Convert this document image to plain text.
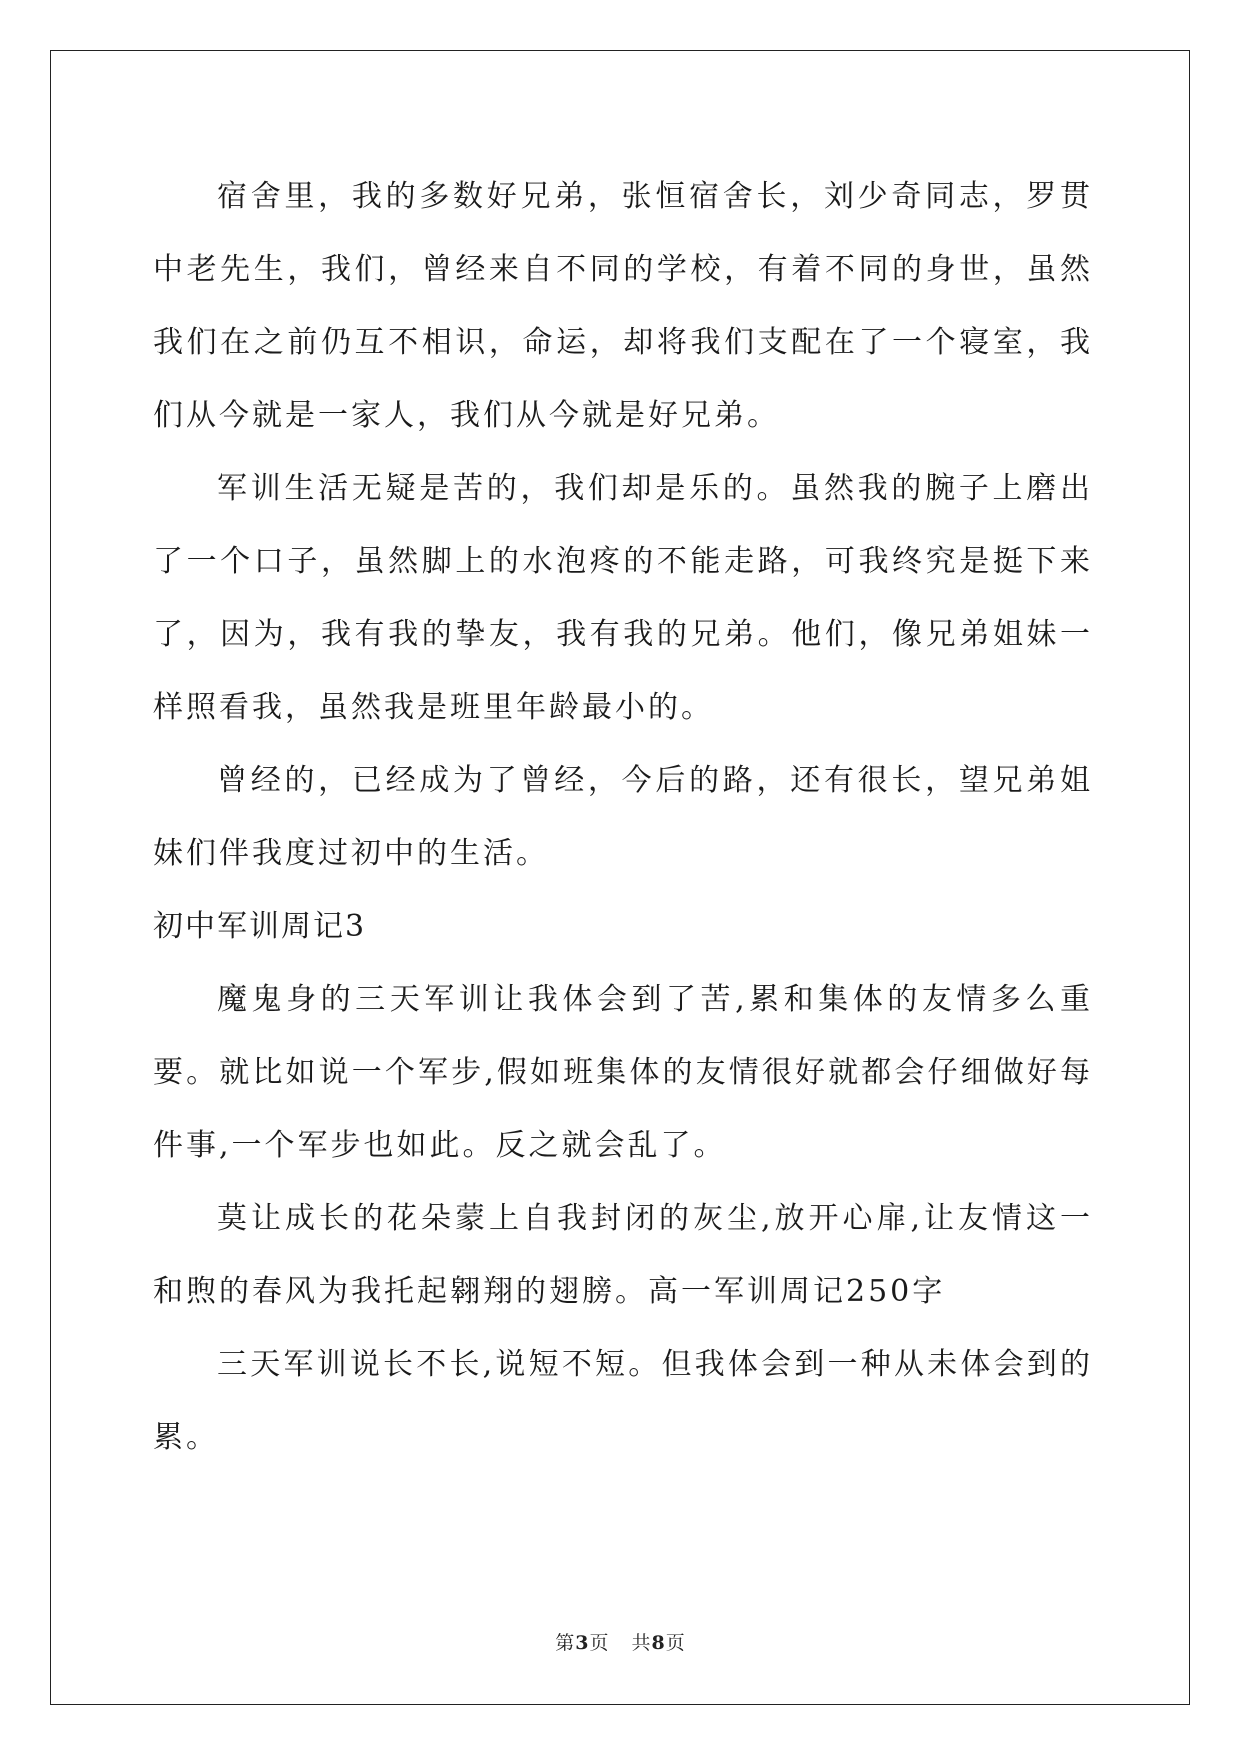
宿舍里，我的多数好兄弟，张恒宿舍长，刘少奇同志，罗贯中老先生，我们，曾经来自不同的学校，有着不同的身世，虽然我们在之前仍互不相识，命运，却将我们支配在了一个寝室，我们从今就是一家人，我们从今就是好兄弟。

军训生活无疑是苦的，我们却是乐的。虽然我的腕子上磨出了一个口子，虽然脚上的水泡疼的不能走路，可我终究是挺下来了，因为，我有我的挚友，我有我的兄弟。他们，像兄弟姐妹一样照看我，虽然我是班里年龄最小的。

曾经的，已经成为了曾经，今后的路，还有很长，望兄弟姐妹们伴我度过初中的生活。

初中军训周记3

魔鬼身的三天军训让我体会到了苦,累和集体的友情多么重要。就比如说一个军步,假如班集体的友情很好就都会仔细做好每件事,一个军步也如此。反之就会乱了。

莫让成长的花朵蒙上自我封闭的灰尘,放开心扉,让友情这一和煦的春风为我托起翱翔的翅膀。高一军训周记250字

三天军训说长不长,说短不短。但我体会到一种从未体会到的累。

第3页 共8页
